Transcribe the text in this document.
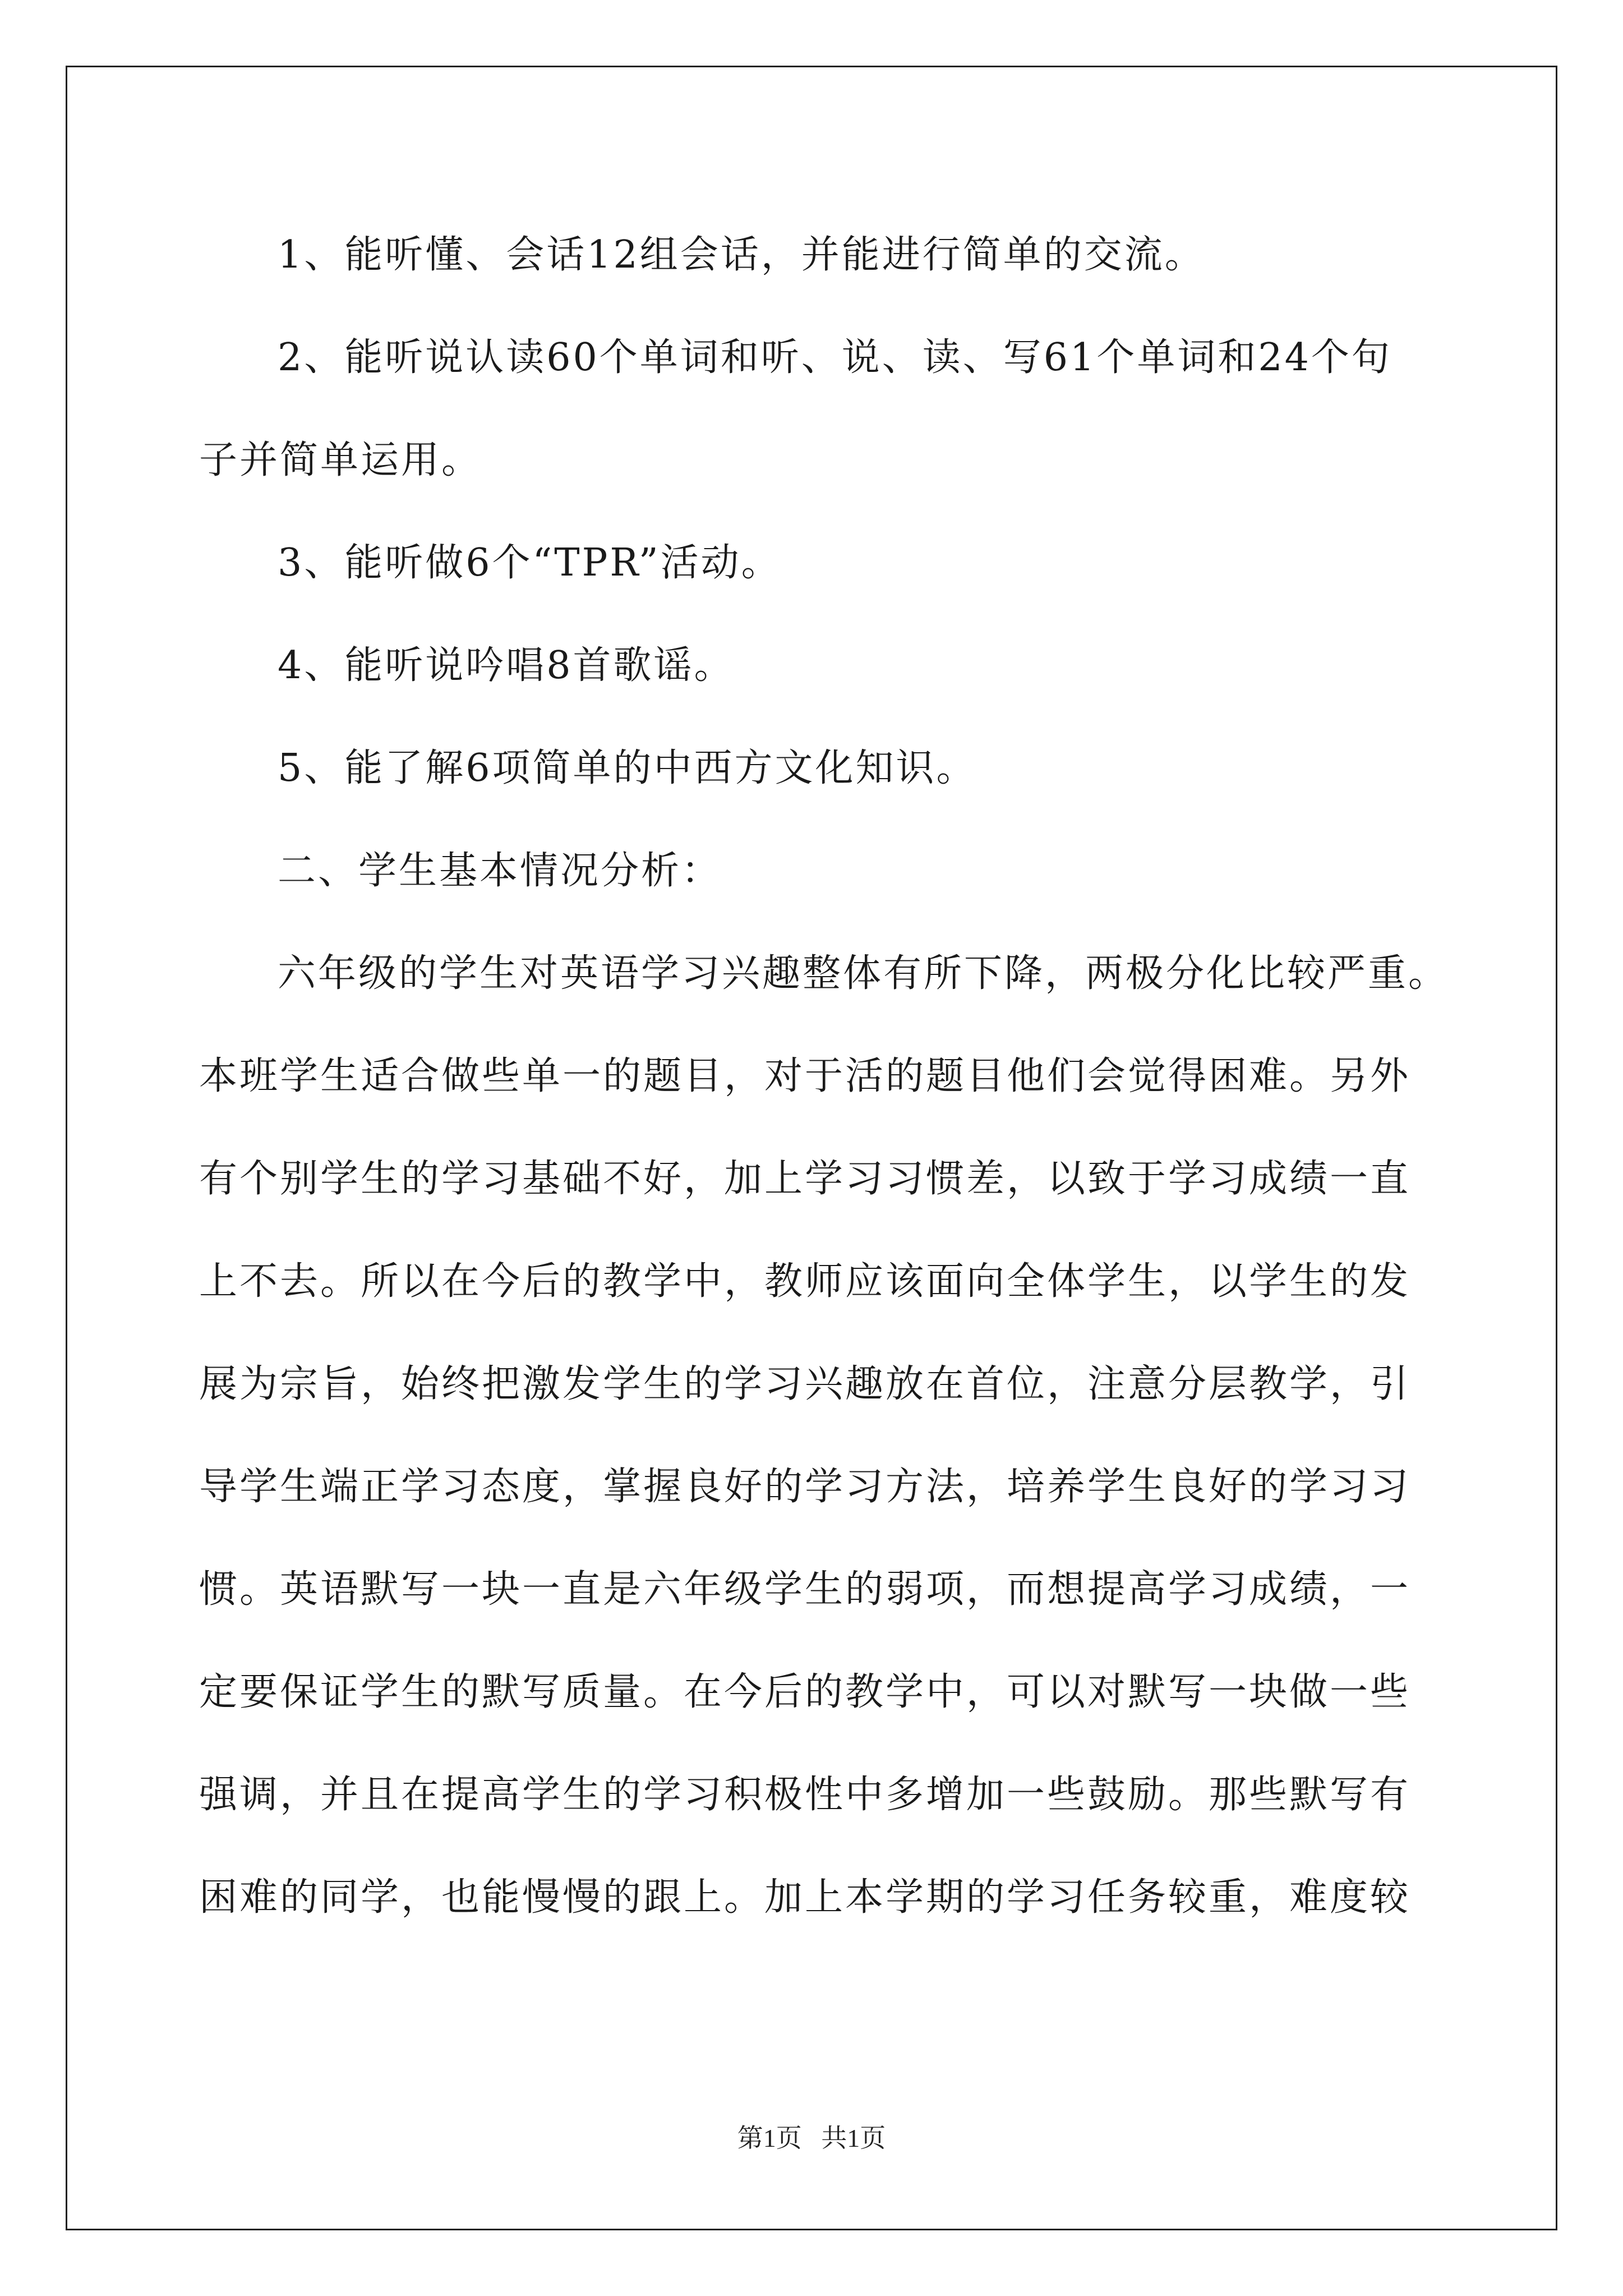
1、能听懂、会话12组会话，并能进行简单的交流。
2、能听说认读60个单词和听、说、读、写61个单词和24个句
子并简单运用。
3、能听做6个“TPR”活动。
4、能听说吟唱8首歌谣。
5、能了解6项简单的中西方文化知识。
二、学生基本情况分析：
六年级的学生对英语学习兴趣整体有所下降，两极分化比较严重。
本班学生适合做些单一的题目，对于活的题目他们会觉得困难。另外
有个别学生的学习基础不好，加上学习习惯差，以致于学习成绩一直
上不去。所以在今后的教学中，教师应该面向全体学生，以学生的发
展为宗旨，始终把激发学生的学习兴趣放在首位，注意分层教学，引
导学生端正学习态度，掌握良好的学习方法，培养学生良好的学习习
惯。英语默写一块一直是六年级学生的弱项，而想提高学习成绩，一
定要保证学生的默写质量。在今后的教学中，可以对默写一块做一些
强调，并且在提高学生的学习积极性中多增加一些鼓励。那些默写有
困难的同学，也能慢慢的跟上。加上本学期的学习任务较重，难度较
第1页   共1页
